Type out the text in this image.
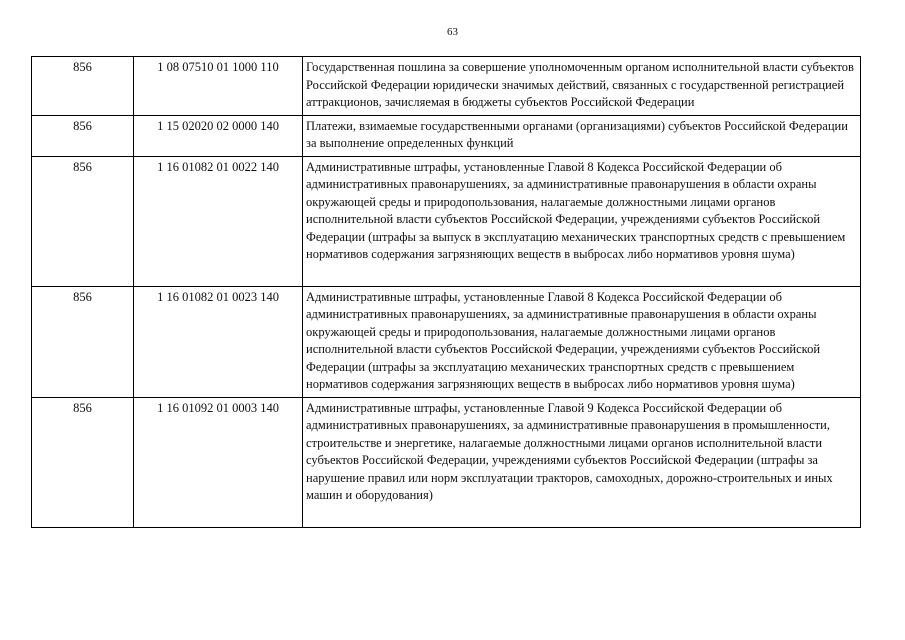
63
856	1 08 07510 01 1000 110	Государственная пошлина за совершение уполномоченным органом исполнительной власти субъектов Российской Федерации юридически значимых действий, связанных с государственной регистрацией аттракционов, зачисляемая в бюджеты субъектов Российской Федерации
856	1 15 02020 02 0000 140	Платежи, взимаемые государственными органами (организациями) субъектов Российской Федерации за выполнение определенных функций
856	1 16 01082 01 0022 140	Административные штрафы, установленные Главой 8 Кодекса Российской Федерации об административных правонарушениях, за административные правонарушения в области охраны окружающей среды и природопользования, налагаемые должностными лицами органов исполнительной власти субъектов Российской Федерации, учреждениями субъектов Российской Федерации (штрафы за выпуск в эксплуатацию механических транспортных средств с превышением нормативов содержания загрязняющих веществ в выбросах либо нормативов уровня шума)
856	1 16 01082 01 0023 140	Административные штрафы, установленные Главой 8 Кодекса Российской Федерации об административных правонарушениях, за административные правонарушения в области охраны окружающей среды и природопользования, налагаемые должностными лицами органов исполнительной власти субъектов Российской Федерации, учреждениями субъектов Российской Федерации (штрафы за эксплуатацию механических транспортных средств с превышением нормативов содержания загрязняющих веществ в выбросах либо нормативов уровня шума)
856	1 16 01092 01 0003 140	Административные штрафы, установленные Главой 9 Кодекса Российской Федерации об административных правонарушениях, за административные правонарушения в промышленности, строительстве и энергетике, налагаемые должностными лицами органов исполнительной власти субъектов Российской Федерации, учреждениями субъектов Российской Федерации (штрафы за нарушение правил или норм эксплуатации тракторов, самоходных, дорожно-строительных и иных машин и оборудования)
